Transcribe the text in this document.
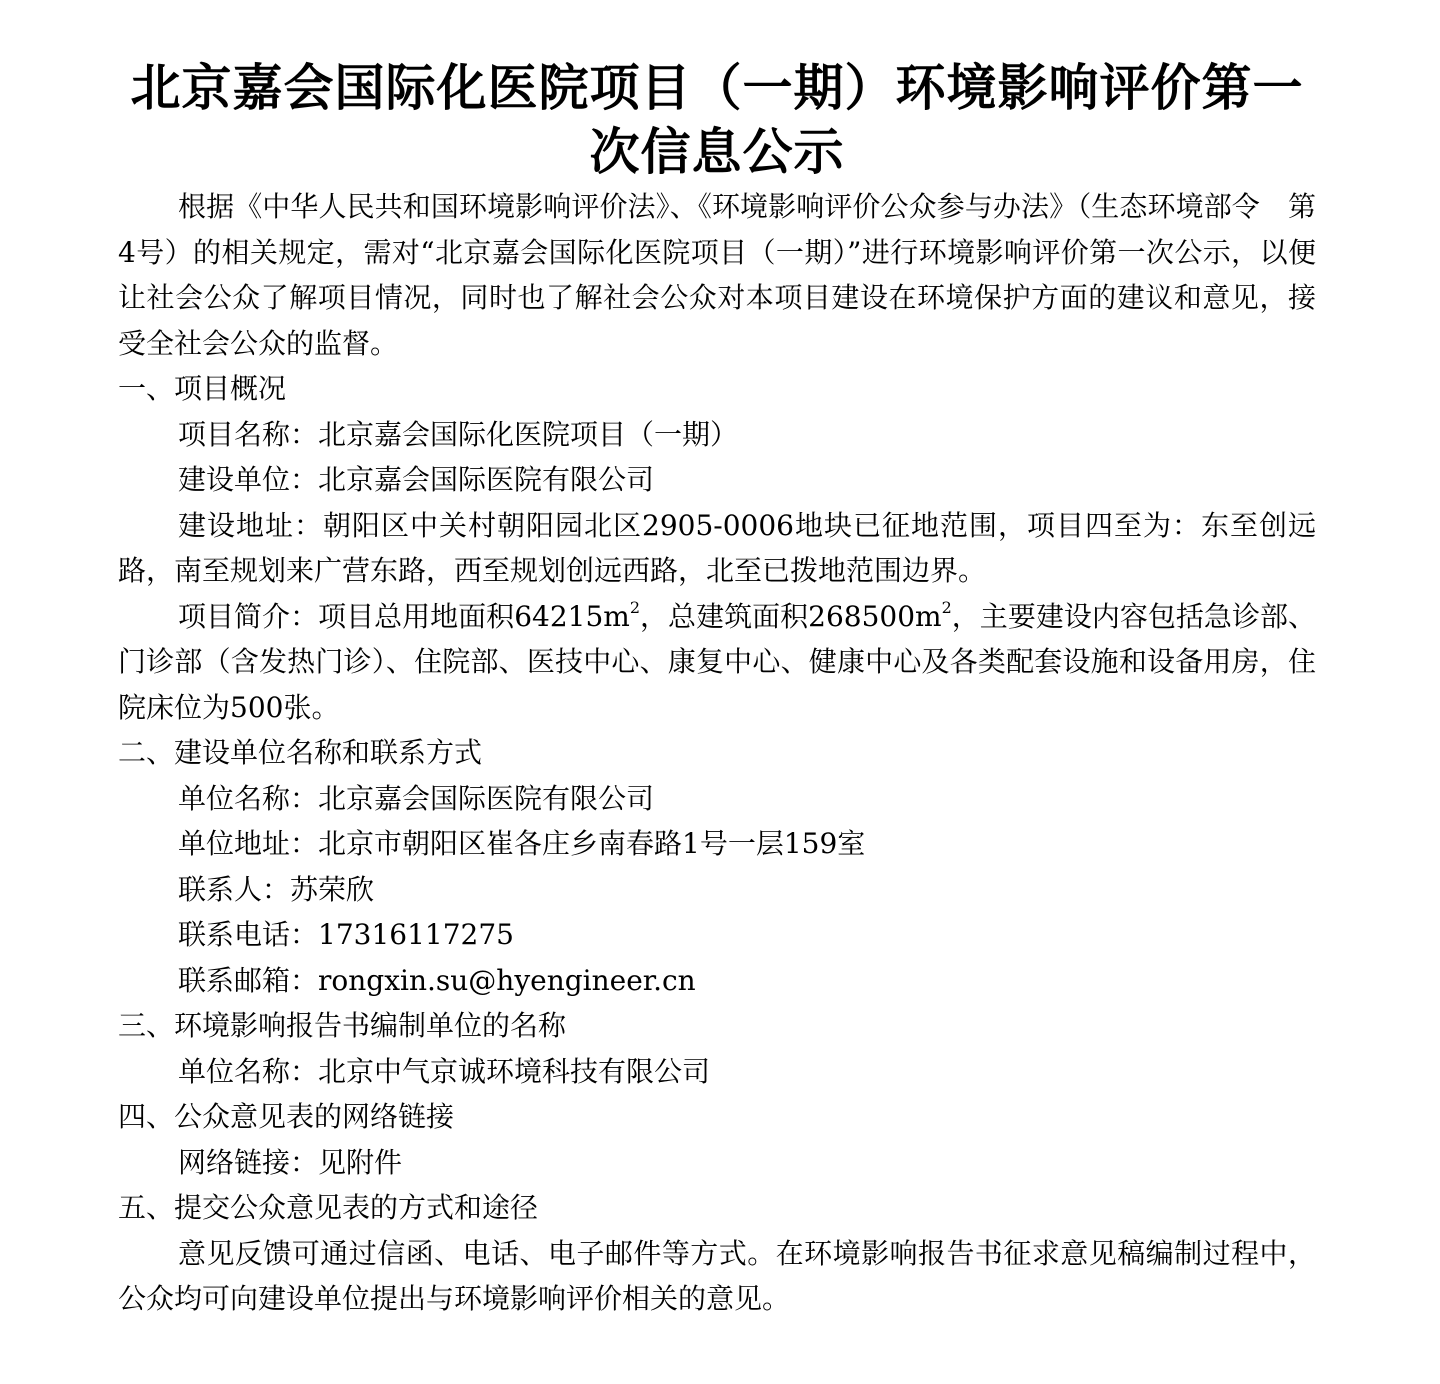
北京嘉会国际化医院项目（一期）环境影响评价第一次信息公示

根据《中华人民共和国环境影响评价法》、《环境影响评价公众参与办法》（生态环境部令　第4号）的相关规定，需对“北京嘉会国际化医院项目（一期）”进行环境影响评价第一次公示，以便让社会公众了解项目情况，同时也了解社会公众对本项目建设在环境保护方面的建议和意见，接受全社会公众的监督。

一、项目概况

项目名称：北京嘉会国际化医院项目（一期）

建设单位：北京嘉会国际医院有限公司

建设地址：朝阳区中关村朝阳园北区2905-0006地块已征地范围，项目四至为：东至创远路，南至规划来广营东路，西至规划创远西路，北至已拨地范围边界。

项目简介：项目总用地面积$64215m^2$，总建筑面积$268500m^2$，主要建设内容包括急诊部、门诊部（含发热门诊）、住院部、医技中心、康复中心、健康中心及各类配套设施和设备用房，住院床位为500张。

二、建设单位名称和联系方式

单位名称：北京嘉会国际医院有限公司

单位地址：北京市朝阳区崔各庄乡南春路1号一层159室

联系人：苏荣欣

联系电话：17316117275

联系邮箱：rongxin.su@hyengineer.cn

三、环境影响报告书编制单位的名称

单位名称：北京中气京诚环境科技有限公司

四、公众意见表的网络链接

网络链接：见附件

五、提交公众意见表的方式和途径

意见反馈可通过信函、电话、电子邮件等方式。在环境影响报告书征求意见稿编制过程中，公众均可向建设单位提出与环境影响评价相关的意见。
